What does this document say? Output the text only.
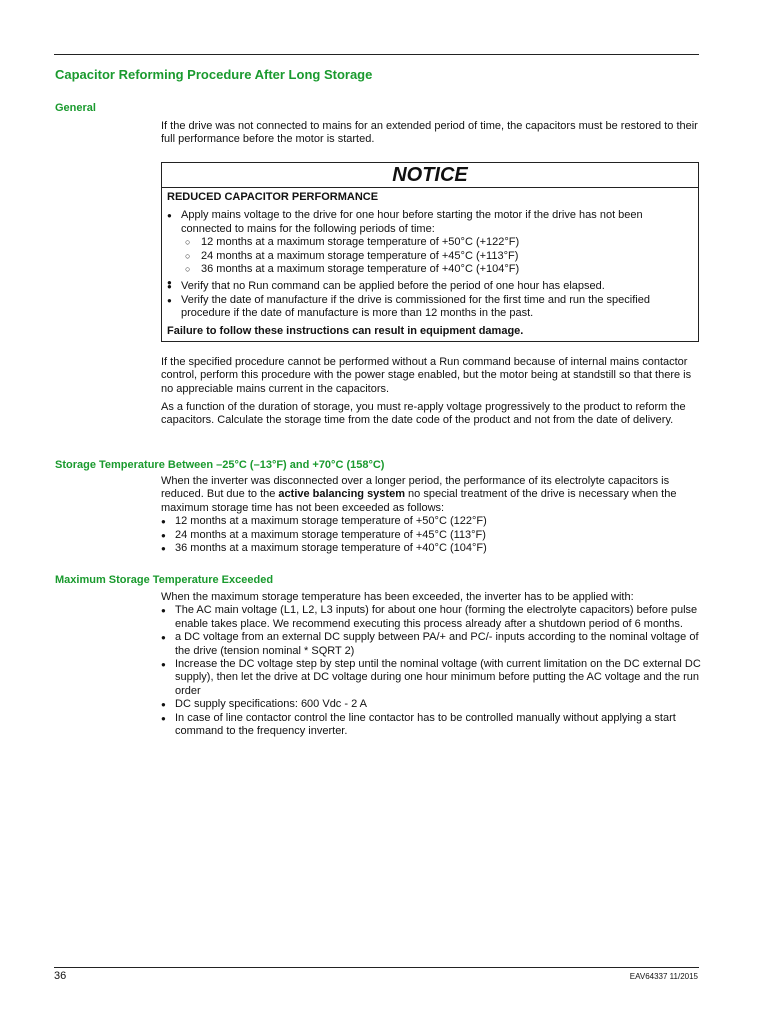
Capacitor Reforming Procedure After Long Storage
General

If the drive was not connected to mains for an extended period of time, the capacitors must be restored to their full performance before the motor is started.

NOTICE
REDUCED CAPACITOR PERFORMANCE
● Apply mains voltage to the drive for one hour before starting the motor if the drive has not been connected to mains for the following periods of time:
○ 12 months at a maximum storage temperature of +50°C (+122°F)
○ 24 months at a maximum storage temperature of +45°C (+113°F)
○ 36 months at a maximum storage temperature of +40°C (+104°F)
●
● Verify that no Run command can be applied before the period of one hour has elapsed.
● Verify the date of manufacture if the drive is commissioned for the first time and run the specified procedure if the date of manufacture is more than 12 months in the past.
Failure to follow these instructions can result in equipment damage.

If the specified procedure cannot be performed without a Run command because of internal mains contactor control, perform this procedure with the power stage enabled, but the motor being at standstill so that there is no appreciable mains current in the capacitors.

As a function of the duration of storage, you must re-apply voltage progressively to the product to reform the capacitors. Calculate the storage time from the date code of the product and not from the date of delivery.

Storage Temperature Between –25°C (–13°F) and +70°C (158°C)

When the inverter was disconnected over a longer period, the performance of its electrolyte capacitors is reduced. But due to the active balancing system no special treatment of the drive is necessary when the maximum storage time has not been exceeded as follows:

● 12 months at a maximum storage temperature of +50°C (122°F)
● 24 months at a maximum storage temperature of +45°C (113°F)
● 36 months at a maximum storage temperature of +40°C (104°F)
Maximum Storage Temperature Exceeded

When the maximum storage temperature has been exceeded, the inverter has to be applied with:

● The AC main voltage (L1, L2, L3 inputs) for about one hour (forming the electrolyte capacitors) before pulse enable takes place. We recommend executing this process already after a shutdown period of 6 months.
● a DC voltage from an external DC supply between PA/+ and PC/- inputs according to the nominal voltage of the drive (tension nominal * SQRT 2)
● Increase the DC voltage step by step until the nominal voltage (with current limitation on the DC external DC supply), then let the drive at DC voltage during one hour minimum before putting the AC voltage and the run order
● DC supply specifications: 600 Vdc - 2 A
● In case of line contactor control the line contactor has to be controlled manually without applying a start command to the frequency inverter.
36	EAV64337 11/2015
